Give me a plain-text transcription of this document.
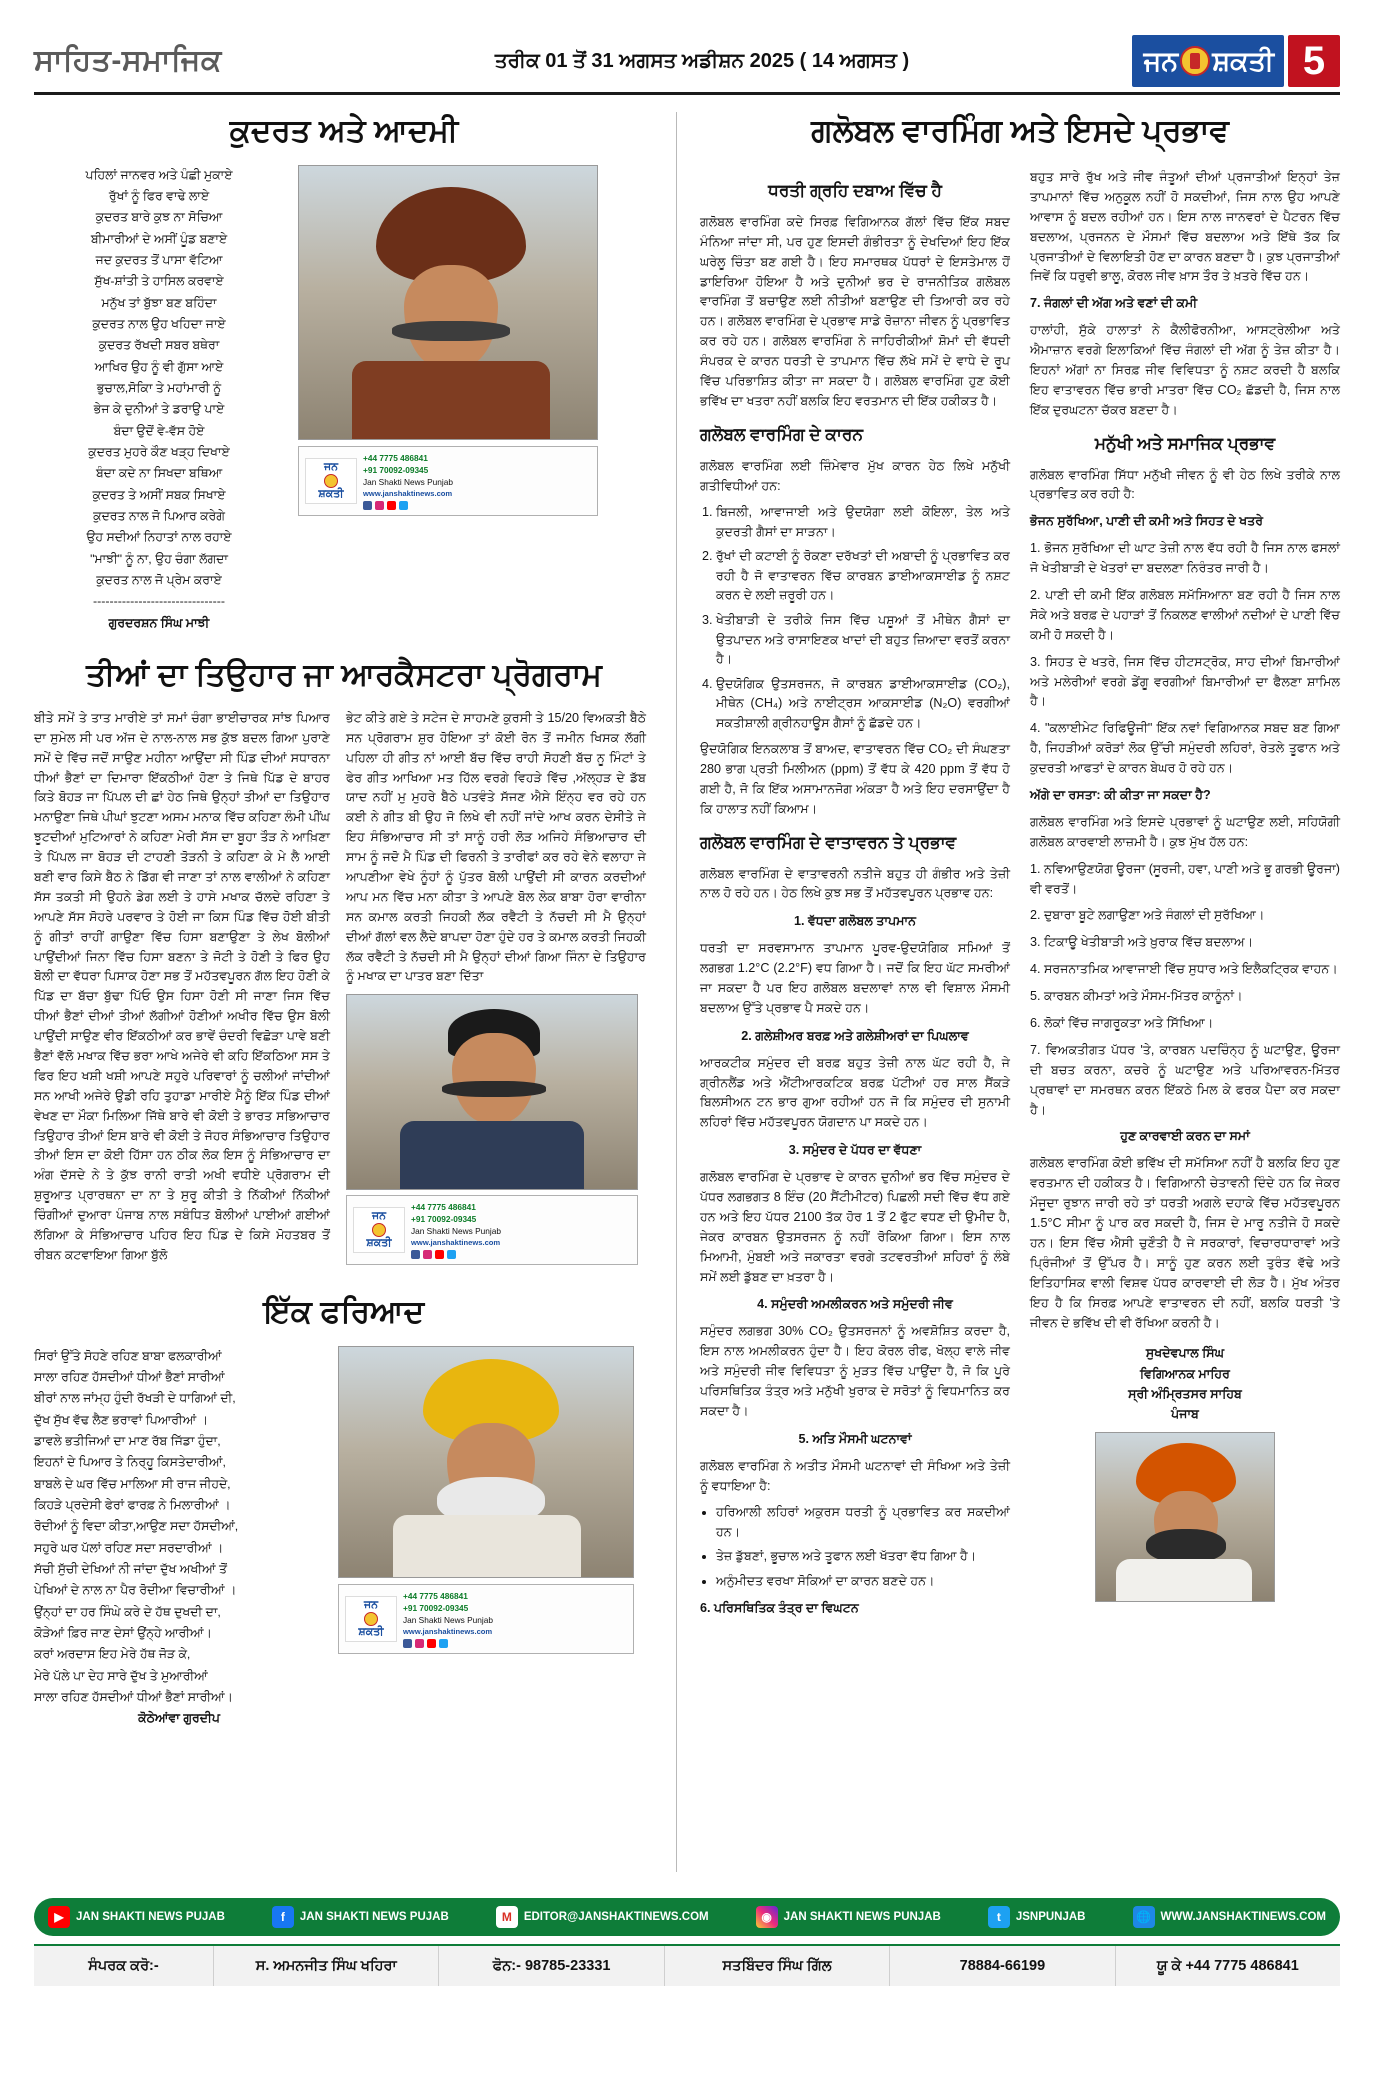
ਸਾਹਿਤ-ਸਮਾਜਿਕ	ਤਰੀਕ 01 ਤੋਂ 31 ਅਗਸਤ ਅਡੀਸ਼ਨ 2025 ( 14 ਅਗਸਤ )	ਜਨ ਸ਼ਕਤੀ 5
ਕੁਦਰਤ ਅਤੇ ਆਦਮੀ

ਪਹਿਲਾਂ ਜਾਨਵਰ ਅਤੇ ਪੰਛੀ ਮੁਕਾਏ

ਰੁੱਖਾਂ ਨੂੰ ਫਿਰ ਵਾਢੇ ਲਾਏ

ਕੁਦਰਤ ਬਾਰੇ ਕੁਝ ਨਾ ਸੋਚਿਆ

ਬੀਮਾਰੀਆਂ ਦੇ ਅਸੀਂ ਪੂੰਡ ਬਣਾਏ

ਜਦ ਕੁਦਰਤ ਤੋਂ ਪਾਸਾ ਵੱਟਿਆ

ਸੁੱਖ-ਸ਼ਾਂਤੀ ਤੇ ਹਾਸਿਲ ਕਰਵਾਏ

ਮਨੁੱਖ ਤਾਂ ਬੁੱਝਾ ਬਣ ਬਹਿੰਦਾ

ਕੁਦਰਤ ਨਾਲ ਉਹ ਖਹਿਦਾ ਜਾਏ

ਕੁਦਰਤ ਰੱਖਦੀ ਸਬਰ ਬਥੇਰਾ

ਆਖਿਰ ਉਹ ਨੂੰ ਵੀ ਗੁੱਸਾ ਆਏ

ਭੁਚਾਲ,ਸੋਕਿਾ ਤੇ ਮਹਾਂਮਾਰੀ ਨੂੰ

ਭੇਜ ਕੇ ਦੁਨੀਆਂ ਤੇ ਡਰਾਉ ਪਾਏ

ਬੰਦਾ ਉਦੋਂ ਵੇ-ਵੱਸ ਹੋਏ

ਕੁਦਰਤ ਮੁਹਰੇ ਕੌਣ ਖੜ੍ਹ ਦਿਖਾਏ

ਬੰਦਾ ਕਦੇ ਨਾ ਸਿਖਦਾ ਬਥਿਆ

ਕੁਦਰਤ ਤੇ ਅਸੀਂ ਸਬਕ ਸਿਖਾਏ

ਕੁਦਰਤ ਨਾਲ ਜੋ ਪਿਆਰ ਕਰੇਗੇ

ਉਹ ਸਦੀਆਂ ਨਿਹਾਤਾਂ ਨਾਲ ਰਹਾਏ

"ਮਾਝੀ" ਨੂੰ ਨਾ, ਉਹ ਚੰਗਾ ਲੱਗਦਾ

ਕੁਦਰਤ ਨਾਲ ਜੋ ਪ੍ਰੇਮ ਕਰਾਏ

--------------------------------

ਗੁਰਦਰਸ਼ਨ ਸਿੰਘ ਮਾਝੀ

ਜਨ
ਸ਼ਕਤੀ
+44 7775 486841
+91 70092-09345
Jan Shakti News Punjab
www.janshaktinews.com
ਤੀਆਂ ਦਾ ਤਿਉਹਾਰ ਜਾ ਆਰਕੈਸਟਰਾ ਪ੍ਰੋਗਰਾਮ

ਬੀਤੇ ਸਮੇਂ ਤੇ ਤਾਤ ਮਾਰੀਏ ਤਾਂ ਸਮਾਂ ਚੰਗਾ ਭਾਈਚਾਰਕ ਸਾਂਝ ਪਿਆਰ ਦਾ ਸੁਮੇਲ ਸੀ ਪਰ ਅੱਜ ਦੇ ਨਾਲ-ਨਾਲ ਸਭ ਕੁੱਝ ਬਦਲ ਗਿਆ ਪੁਰਾਣੇ ਸਮੇਂ ਦੇ ਵਿੱਚ ਜਦੋਂ ਸਾਉਣ ਮਹੀਨਾ ਆਉਂਦਾ ਸੀ ਪਿੰਡ ਦੀਆਂ ਸਧਾਰਨਾ ਧੀਆਂ ਭੈਣਾਂ ਦਾ ਦਿਮਾਰਾ ਇੱਕਠੀਆਂ ਹੋਣਾ ਤੇ ਜਿਥੇ ਪਿੱਡ ਦੇ ਬਾਹਰ ਕਿਤੇ ਬੋਹੜ ਜਾ ਪਿੱਪਲ ਦੀ ਛਾਂ ਹੇਠ ਜਿਥੇ ਉਨ੍ਹਾਂ ਤੀਆਂ ਦਾ ਤਿਉਹਾਰ ਮਨਾਉਣਾ ਜਿਥੇ ਪੀਘਾਂ ਝੁਟਣਾ ਅਸਮ ਮਨਾਕ ਵਿੱਚ ਕਹਿਣਾ ਲੰਮੀ ਪੀਂਘ ਝੂਟਦੀਆਂ ਮੁਟਿਆਰਾਂ ਨੇ ਕਹਿਣਾ ਮੇਰੀ ਸੱਸ ਦਾ ਬੂਹਾ ਤੌੜ ਨੇ ਆਖ਼ਿਣਾ ਤੇ ਪਿੱਪਲ ਜਾ ਬੋਹੜ ਦੀ ਟਾਹਣੀ ਤੋੜਨੀ ਤੇ ਕਹਿਣਾ ਕੇ ਮੇ ਲੈ ਆਈ ਬਣੀ ਵਾਰ ਕਿਸੇ ਬੈਠ ਨੇ ਡਿੱਗ ਵੀ ਜਾਣਾ ਤਾਂ ਨਾਲ ਵਾਲੀਆਂ ਨੇ ਕਹਿਣਾ ਸੱਸ ਤਕਤੀ ਸੀ ਉਹਨੇ ਡੇਗ ਲਈ ਤੇ ਹਾਸੇ ਮਖਾਕ ਚੱਲਦੇ ਰਹਿਣਾ ਤੇ ਆਪਣੇ ਸੱਸ ਸੋਹਰੇ ਪਰਵਾਰ ਤੇ ਹੋਈ ਜਾ ਕਿਸ ਪਿੰਡ ਵਿੱਚ ਹੋਈ ਬੀਤੀ ਨੂੰ ਗੀਤਾਂ ਰਾਹੀਂ ਗਾਉਣਾ ਵਿੱਚ ਹਿਸਾ ਬਣਾਉਣਾ ਤੇ ਲੇਖ ਬੋਲੀਆਂ ਪਾਉਂਦੀਆਂ ਜਿਨਾ ਵਿੱਚ ਹਿਸਾ ਬਣਨਾ ਤੇ ਜੋਟੀ ਤੇ ਹੋਣੀ ਤੇ ਫਿਰ ਉਹ ਬੋਲੀ ਦਾ ਵੱਧਰਾ ਪਿਸਾਕ ਹੋਣਾ ਸਭ ਤੋਂ ਮਹੱਤਵਪੂਰਨ ਗੱਲ ਇਹ ਹੋਣੀ ਕੇ ਪਿੱਡ ਦਾ ਬੱਚਾ ਬੁੱਢਾ ਪਿੱਓ ਉਸ ਹਿਸਾ ਹੋਣੀ ਸੀ ਜਾਣਾ ਜਿਸ ਵਿੱਚ ਧੀਆਂ ਭੈਣਾਂ ਦੀਆਂ ਤੀਆਂ ਲੱਗੀਆਂ ਹੋਣੀਆਂ ਅਖੀਰ ਵਿੱਚ ਉਸ ਬੋਲੀ ਪਾਉਂਦੀ ਸਾਉਣ ਵੀਰ ਇੱਕਠੀਆਂ ਕਰ ਭਾਵੇਂ ਚੰਦਰੀ ਵਿਛੋੜਾ ਪਾਵੇ ਬਣੀ ਭੈਣਾਂ ਵੱਲੋ ਮਖਾਕ ਵਿੱਚ ਭਰਾ ਆਖੇ ਅਜੇਰੇ ਵੀ ਕਹਿ ਇੱਕਠਿਆ ਸਸ ਤੇ ਫਿਰ ਇਹ ਖਸ਼ੀ ਖਸ਼ੀ ਆਪਣੇ ਸਹੁਰੇ ਪਰਿਵਾਰਾਂ ਨੂੰ ਚਲੀਆਂ ਜਾਂਦੀਆਂ ਸਨ ਆਖੀ ਅਜੇਰੇ ਉਡੀ ਰਹਿ ਤੁਹਾਡਾ ਮਾਰੀਏ ਮੈਨੂੰ ਇੱਕ ਪਿੰਡ ਦੀਆਂ ਵੇਖਣ ਦਾ ਮੌਕਾ ਮਿਲਿਆ ਜਿੱਥੇ ਬਾਰੇ ਵੀ ਕੋਈ ਤੇ ਭਾਰਤ ਸਭਿਆਚਾਰ ਤਿਉਹਾਰ ਤੀਆਂ ਇਸ ਬਾਰੇ ਵੀ ਕੋਈ ਤੇ ਜੋਹਰ ਸੰਭਿਆਚਾਰ ਤਿਉਹਾਰ ਤੀਆਂ ਇਸ ਦਾ ਕੋਈ ਹਿੱਸਾ ਹਨ ਠੀਕ ਲੋਕ ਇਸ ਨੂੰ ਸੰਭਿਆਚਾਰ ਦਾ ਅੰਗ ਦੱਸਦੇ ਨੇ ਤੇ ਕੁੱਝ ਰਾਨੀ ਰਾਤੀ ਅਖੀ ਵਧੀਏ ਪ੍ਰੋਗਰਾਮ ਦੀ ਸ਼ੁਰੂਆਤ ਪ੍ਰਾਰਥਨਾ ਦਾ ਨਾ ਤੇ ਸੁਰੂ ਕੀਤੀ ਤੇ ਨਿੱਕੀਆਂ ਨਿੱਕੀਆਂ ਚਿੰਗੀਆਂ ਦੁਆਰਾ ਪੰਜਾਬ ਨਾਲ ਸਬੰਧਿਤ ਬੋਲੀਆਂ ਪਾਈਆਂ ਗਈਆਂ ਲੱਗਿਆ ਕੇ ਸੰਭਿਆਚਾਰ ਪਹਿਰ ਇਹ ਪਿੰਡ ਦੇ ਕਿਸੇ ਮੋਹਤਬਰ ਤੋਂ ਰੀਬਨ ਕਟਵਾਇਆ ਗਿਆ ਬੁੱਲੋ

ਭੇਟ ਕੀਤੇ ਗਏ ਤੇ ਸਟੇਜ ਦੇ ਸਾਹਮਣੇ ਕੁਰਸੀ ਤੇ 15/20 ਵਿਅਕਤੀ ਬੈਠੇ ਸਨ ਪ੍ਰੋਗਰਾਮ ਸ਼ੁਰ ਹੋਇਆ ਤਾਂ ਕੋਈ ਰੋਨ ਤੋਂ ਜਮੀਨ ਖਿਸਕ ਲੱਗੀ ਪਹਿਲਾ ਹੀ ਗੀਤ ਨਾਂ ਆਈ ਬੱਚ ਵਿੱਚ ਰਾਹੀ ਸੋਹਣੀ ਬੱਚ ਨੂ ਮਿੰਟਾਂ ਤੇ ਫੇਰ ਗੀਤ ਆਖਿਆ ਮਤ ਹਿੱਲ ਵਰਗੇ ਵਿਹੜੇ ਵਿੱਚ ,ਅੱਲ੍ਹੜ ਦੇ ਡੱਬ ਯਾਦ ਨਹੀਂ ਮੁ ਮੁਹਰੇ ਬੈਠੇ ਪਤਵੰਤੇ ਸੱਜਣ ਐਸੇ ਇੰਨ੍ਹ ਵਰ ਰਹੇ ਹਨ ਕਈ ਨੇ ਗੀਤ ਬੀ ਉਹ ਜੋ ਲਿਖੇ ਵੀ ਨਹੀਂ ਜਾਂਦੇ ਆਖ ਕਰਨ ਦੇਸੀਤੇ ਜੇ ਇਹ ਸੰਭਿਆਚਾਰ ਸੀ ਤਾਂ ਸਾਨੂੰ ਹਰੀ ਲੋੜ ਅਜਿਹੇ ਸੰਭਿਆਚਾਰ ਦੀ ਸਾਮ ਨੂੰ ਜਦੋ ਮੈ ਪਿੰਡ ਦੀ ਫਿਰਨੀ ਤੇ ਤਾਰੀਫਾਂ ਕਰ ਰਹੇ ਵੇਨੇ ਵਲਾਹਾ ਜੇ ਆਪਣੀਆ ਵੇਖੇ ਨੂੰਹਾਂ ਨੂੰ ਪੁੱਤਰ ਬੋਲੀ ਪਾਉਂਦੀ ਸੀ ਕਾਰਨ ਕਰਦੀਆਂ ਆਪ ਮਨ ਵਿੱਚ ਮਨਾ ਕੀਤਾ ਤੇ ਆਪਣੇ ਬੋਲ ਲੇਕ ਬਾਬਾ ਹੋਰਾ ਵਾਰੀਨਾ ਸਨ ਕਮਾਲ ਕਰਤੀ ਜਿਹਕੀ ਲੱਕ ਰਵੈਟੀ ਤੇ ਨੱਚਦੀ ਸੀ ਮੈ ਉਨ੍ਹਾਂ ਦੀਆਂ ਗੱਲਾਂ ਵਲ ਲੈਦੇ ਬਾਪਦਾ ਹੋਣਾ ਹੁੰਦੇ ਹਰ ਤੇ ਕਮਾਲ ਕਰਤੀ ਜਿਹਕੀ ਲੱਕ ਰਵੈਟੀ ਤੇ ਨੱਚਦੀ ਸੀ ਮੈ ਉਨ੍ਹਾਂ ਦੀਆਂ ਗਿਆ ਜਿੰਨਾ ਦੇ ਤਿਉਹਾਰ ਨੂੰ ਮਖਾਕ ਦਾ ਪਾਤਰ ਬਣਾ ਦਿੱਤਾ

ਜਨ
ਸ਼ਕਤੀ
+44 7775 486841
+91 70092-09345
Jan Shakti News Punjab
www.janshaktinews.com
ਇੱਕ ਫਰਿਆਦ

ਸਿਰਾਂ ਉੱਤੇ ਸੋਹਣੇ ਰਹਿਣ ਬਾਬਾ ਫਲਕਾਰੀਆਂ

ਸਾਲਾ ਰਹਿਣ ਹੱਸਦੀਆਂ ਧੀਆਂ ਭੈਣਾਂ ਸਾਰੀਆਂ

ਬੀਰਾਂ ਨਾਲ ਜਾਂਮ੍ਹ ਹੁੰਦੀ ਰੱਖੜੀ ਦੇ ਧਾਗਿਆਂ ਦੀ,

ਦੁੱਖ ਸੁੱਖ ਵੱਢ ਲੈਣ ਭਰਾਵਾਂ ਪਿਆਰੀਆਂ ।

ਡਾਵਲੇ ਭਤੀਜਿਆਂ ਦਾ ਮਾਣ ਰੱਬ ਜਿੱਡਾ ਹੁੰਦਾ,

ਇਹਨਾਂ ਦੇ ਪਿਆਰ ਤੇ ਨਿਰ੍ਹੂ ਕਿਸਤੇਦਾਰੀਆਂ,

ਬਾਬਲੇ ਦੇ ਘਰ ਵਿੱਚ ਮਾਲਿਆ ਸੀ ਰਾਜ ਜੀਹਦੇ,

ਕਿਹੜੇ ਪ੍ਰਦੇਸੀ ਫੇਰਾਂ ਫਾਰਫ਼ ਨੇ ਮਿਲਾਰੀਆਂ ।

ਰੋਦੀਆਂ ਨੂੰ ਵਿਦਾ ਕੀਤਾ,ਆਉਣ ਸਦਾ ਹੱਸਦੀਆਂ,

ਸਹੁਰੇ ਘਰ ਪੱਲਾਂ ਰਹਿਣ ਸਦਾ ਸਰਦਾਰੀਆਂ ।

ਸੱਚੀ ਸੁੱਚੀ ਦੇਖਿਆਂ ਨੀ ਜਾਂਦਾ ਦੁੱਖ ਅਖੀਆਂ ਤੋਂ

ਪੇਖਿਆਂ ਦੇ ਨਾਲ ਨਾ ਪੈਰ ਰੋਦੀਆ ਵਿਚਾਰੀਆਂ ।

ਉਂਨ੍ਹਾਂ ਦਾ ਹਰ ਸਿੰਘੇ ਕਰੇ ਦੇ ਹੱਥ ਦੁਖਦੀ ਦਾ,

ਕੋੜੇਆਂ ਫ਼ਿਰ ਜਾਣ ਦੇਸਾਂ ਉਂਨ੍ਹੇ ਆਰੀਆਂ।

ਕਰਾਂ ਅਰਦਾਸ ਇਹ ਮੇਰੇ ਹੱਥ ਜੋੜ ਕੇ,

ਮੇਰੇ ਪੱਲੇ ਪਾ ਦੇਹ ਸਾਰੇ ਦੁੱਖ ਤੇ ਮੁਆਰੀਆਂ

ਸਾਲਾ ਰਹਿਣ ਹੱਸਦੀਆਂ ਧੀਆਂ ਭੈਣਾਂ ਸਾਰੀਆਂ।

ਕੋਠੇਆਂਵਾ ਗੁਰਦੀਪ

ਜਨ
ਸ਼ਕਤੀ
+44 7775 486841
+91 70092-09345
Jan Shakti News Punjab
www.janshaktinews.com
ਗਲੋਬਲ ਵਾਰਮਿੰਗ ਅਤੇ ਇਸਦੇ ਪ੍ਰਭਾਵ
ਧਰਤੀ ਗ੍ਰਹਿ ਦਬਾਅ ਵਿੱਚ ਹੈ

ਗਲੋਬਲ ਵਾਰਮਿੰਗ ਕਦੇ ਸਿਰਫ਼ ਵਿਗਿਆਨਕ ਗੱਲਾਂ ਵਿੱਚ ਇੱਕ ਸਬਦ ਮੰਨਿਆ ਜਾਂਦਾ ਸੀ, ਪਰ ਹੁਣ ਇਸਦੀ ਗੰਭੀਰਤਾ ਨੂੰ ਦੇਖਦਿਆਂ ਇਹ ਇੱਕ ਘਰੇਲੂ ਚਿੰਤਾ ਬਣ ਗਈ ਹੈ। ਇਹ ਸਮਾਰਥਕ ਪੱਧਰਾਂ ਦੇ ਇਸਤੇਮਾਲ ਹੋਂ ਡਾਇਰਿਆ ਹੋਇਆ ਹੈ ਅਤੇ ਦੁਨੀਆਂ ਭਰ ਦੇ ਰਾਜਨੀਤਿਕ ਗਲੋਬਲ ਵਾਰਮਿੰਗ ਤੋਂ ਬਚਾਉਣ ਲਈ ਨੀਤੀਆਂ ਬਣਾਉਣ ਦੀ ਤਿਆਰੀ ਕਰ ਰਹੇ ਹਨ। ਗਲੋਬਲ ਵਾਰਮਿੰਗ ਦੇ ਪ੍ਰਭਾਵ ਸਾਡੇ ਰੋਜ਼ਾਨਾ ਜੀਵਨ ਨੂੰ ਪ੍ਰਭਾਵਿਤ ਕਰ ਰਹੇ ਹਨ। ਗਲੋਬਲ ਵਾਰਮਿੰਗ ਨੇ ਜਾਹਿਰੀਕੀਆਂ ਸ਼ੋਮਾਂ ਦੀ ਵੱਧਦੀ ਸੰਪਰਕ ਦੇ ਕਾਰਨ ਧਰਤੀ ਦੇ ਤਾਪਮਾਨ ਵਿੱਚ ਲੱਖੇ ਸਮੇਂ ਦੇ ਵਾਧੇ ਦੇ ਰੂਪ ਵਿੱਚ ਪਰਿਭਾਸ਼ਿਤ ਕੀਤਾ ਜਾ ਸਕਦਾ ਹੈ। ਗਲੋਬਲ ਵਾਰਮਿੰਗ ਹੁਣ ਕੋਈ ਭਵਿੱਖ ਦਾ ਖਤਰਾ ਨਹੀਂ ਬਲਕਿ ਇਹ ਵਰਤਮਾਨ ਦੀ ਇੱਕ ਹਕੀਕਤ ਹੈ।

ਗਲੋਬਲ ਵਾਰਮਿੰਗ ਦੇ ਕਾਰਨ

ਗਲੋਬਲ ਵਾਰਮਿੰਗ ਲਈ ਜ਼ਿੰਮੇਵਾਰ ਮੁੱਖ ਕਾਰਨ ਹੇਠ ਲਿਖੇ ਮਨੁੱਖੀ ਗਤੀਵਿਧੀਆਂ ਹਨ:

1. ਬਿਜਲੀ, ਆਵਾਜਾਈ ਅਤੇ ਉਦਯੋਗਾ ਲਈ ਕੋਇਲਾ, ਤੇਲ ਅਤੇ ਕੁਦਰਤੀ ਗੈਸਾਂ ਦਾ ਸਾੜਨਾ।
2. ਰੁੱਖਾਂ ਦੀ ਕਟਾਈ ਨੂੰ ਰੋਕਣਾ ਦਰੱਖਤਾਂ ਦੀ ਅਬਾਦੀ ਨੂੰ ਪ੍ਰਭਾਵਿਤ ਕਰ ਰਹੀ ਹੈ ਜੋ ਵਾਤਾਵਰਨ ਵਿੱਚ ਕਾਰਬਨ ਡਾਈਆਕਸਾਈਡ ਨੂੰ ਨਸ਼ਟ ਕਰਨ ਦੇ ਲਈ ਜ਼ਰੂਰੀ ਹਨ।
3. ਖੇਤੀਬਾੜੀ ਦੇ ਤਰੀਕੇ ਜਿਸ ਵਿੱਚ ਪਸ਼ੂਆਂ ਤੋਂ ਮੀਥੇਨ ਗੈਸਾਂ ਦਾ ਉਤਪਾਦਨ ਅਤੇ ਰਾਸਾਇਣਕ ਖਾਦਾਂ ਦੀ ਬਹੁਤ ਜ਼ਿਆਦਾ ਵਰਤੋਂ ਕਰਨਾ ਹੈ।
4. ਉਦਯੋਗਿਕ ਉਤਸਰਜਨ, ਜੋ ਕਾਰਬਨ ਡਾਈਆਕਸਾਈਡ (CO₂), ਮੀਥੇਨ (CH₄) ਅਤੇ ਨਾਈਟ੍ਰਸ ਆਕਸਾਈਡ (N₂O) ਵਰਗੀਆਂ ਸਕਤੀਸ਼ਾਲੀ ਗ੍ਰੀਨਹਾਊਸ ਗੈਸਾਂ ਨੂੰ ਛੱਡਦੇ ਹਨ।

ਉਦਯੋਗਿਕ ਇਨਕਲਾਬ ਤੋਂ ਬਾਅਦ, ਵਾਤਾਵਰਨ ਵਿੱਚ CO₂ ਦੀ ਸੰਘਣਤਾ 280 ਭਾਗ ਪ੍ਰਤੀ ਮਿਲੀਅਨ (ppm) ਤੋਂ ਵੱਧ ਕੇ 420 ppm ਤੋਂ ਵੱਧ ਹੋ ਗਈ ਹੈ, ਜੋ ਕਿ ਇੱਕ ਅਸਾਮਾਨਜੋਗ ਅੰਕੜਾ ਹੈ ਅਤੇ ਇਹ ਦਰਸਾਉਂਦਾ ਹੈ ਕਿ ਹਾਲਾਤ ਨਹੀਂ ਕਿਆਮ।

ਗਲੋਬਲ ਵਾਰਮਿੰਗ ਦੇ ਵਾਤਾਵਰਨ ਤੇ ਪ੍ਰਭਾਵ

ਗਲੋਬਲ ਵਾਰਮਿੰਗ ਦੇ ਵਾਤਾਵਰਨੀ ਨਤੀਜੇ ਬਹੁਤ ਹੀ ਗੰਭੀਰ ਅਤੇ ਤੇਜ਼ੀ ਨਾਲ ਹੋ ਰਹੇ ਹਨ। ਹੇਠ ਲਿਖੇ ਕੁਝ ਸਭ ਤੋਂ ਮਹੱਤਵਪੂਰਨ ਪ੍ਰਭਾਵ ਹਨ:

1. ਵੱਧਦਾ ਗਲੋਬਲ ਤਾਪਮਾਨ

ਧਰਤੀ ਦਾ ਸਰਵਸਾਮਾਨ ਤਾਪਮਾਨ ਪੂਰਵ-ਉਦਯੋਗਿਕ ਸਮਿਆਂ ਤੋਂ ਲਗਭਗ 1.2°C (2.2°F) ਵਧ ਗਿਆ ਹੈ। ਜਦੋਂ ਕਿ ਇਹ ਘੱਟ ਸਮਰੀਆਂ ਜਾ ਸਕਦਾ ਹੈ ਪਰ ਇਹ ਗਲੋਬਲ ਬਦਲਾਵਾਂ ਨਾਲ ਵੀ ਵਿਸ਼ਾਲ ਮੌਸਮੀ ਬਦਲਾਅ ਉੱਤੇ ਪ੍ਰਭਾਵ ਪੈ ਸਕਦੇ ਹਨ।

2. ਗਲੇਸ਼ੀਅਰ ਬਰਫ਼ ਅਤੇ ਗਲੇਸ਼ੀਅਰਾਂ ਦਾ ਪਿਘਲਾਵ

ਆਰਕਟੀਕ ਸਮੁੰਦਰ ਦੀ ਬਰਫ਼ ਬਹੁਤ ਤੇਜ਼ੀ ਨਾਲ ਘੱਟ ਰਹੀ ਹੈ, ਜੇ ਗ੍ਰੀਨਲੈਂਡ ਅਤੇ ਐਂਟੀਆਰਕਟਿਕ ਬਰਫ਼ ਪੱਟੀਆਂ ਹਰ ਸਾਲ ਸੈਂਕੜੇ ਬਿਲਸੀਅਨ ਟਨ ਭਾਰ ਗੁਆ ਰਹੀਆਂ ਹਨ ਜੋ ਕਿ ਸਮੁੰਦਰ ਦੀ ਸੁਨਾਮੀ ਲਹਿਰਾਂ ਵਿੱਚ ਮਹੱਤਵਪੂਰਨ ਯੋਗਦਾਨ ਪਾ ਸਕਦੇ ਹਨ।

3. ਸਮੁੰਦਰ ਦੇ ਪੱਧਰ ਦਾ ਵੱਧਣਾ

ਗਲੋਬਲ ਵਾਰਮਿੰਗ ਦੇ ਪ੍ਰਭਾਵ ਦੇ ਕਾਰਨ ਦੁਨੀਆਂ ਭਰ ਵਿੱਚ ਸਮੁੰਦਰ ਦੇ ਪੱਧਰ ਲਗਭਗਤ 8 ਇੰਚ (20 ਸੈਂਟੀਮੀਟਰ) ਪਿਛਲੀ ਸਦੀ ਵਿੱਚ ਵੱਧ ਗਏ ਹਨ ਅਤੇ ਇਹ ਪੱਧਰ 2100 ਤੱਕ ਹੋਰ 1 ਤੋਂ 2 ਫੁੱਟ ਵਧਣ ਦੀ ਉਮੀਦ ਹੈ, ਜੇਕਰ ਕਾਰਬਨ ਉਤਸਰਜਨ ਨੂੰ ਨਹੀਂ ਰੋਕਿਆ ਗਿਆ। ਇਸ ਨਾਲ ਮਿਆਮੀ, ਮੁੰਬਈ ਅਤੇ ਜਕਾਰਤਾ ਵਰਗੇ ਤਟਵਰਤੀਆਂ ਸ਼ਹਿਰਾਂ ਨੂੰ ਲੰਬੇ ਸਮੇਂ ਲਈ ਡੁੱਬਣ ਦਾ ਖ਼ਤਰਾ ਹੈ।

4. ਸਮੁੰਦਰੀ ਅਮਲੀਕਰਨ ਅਤੇ ਸਮੁੰਦਰੀ ਜੀਵ

ਸਮੁੰਦਰ ਲਗਭਗ 30% CO₂ ਉਤਸਰਜਨਾਂ ਨੂੰ ਅਵਸ਼ੋਸ਼ਿਤ ਕਰਦਾ ਹੈ, ਇਸ ਨਾਲ ਅਮਲੀਕਰਨ ਹੁੰਦਾ ਹੈ। ਇਹ ਕੋਰਲ ਰੀਫ, ਖੋਲ੍ਹ ਵਾਲੇ ਜੀਵ ਅਤੇ ਸਮੁੰਦਰੀ ਜੀਵ ਵਿਵਿਧਤਾ ਨੂੰ ਮੁੜਤ ਵਿੱਚ ਪਾਉਂਦਾ ਹੈ, ਜੋ ਕਿ ਪੂਰੇ ਪਰਿਸਥਿਤਿਕ ਤੰਤ੍ਰ ਅਤੇ ਮਨੁੱਖੀ ਖੁਰਾਕ ਦੇ ਸਰੋਤਾਂ ਨੂੰ ਵਿਧਮਾਨਿਤ ਕਰ ਸਕਦਾ ਹੈ।

5. ਅਤਿ ਮੌਸਮੀ ਘਟਨਾਵਾਂ

ਗਲੋਬਲ ਵਾਰਮਿੰਗ ਨੇ ਅਤੀਤ ਮੌਸਮੀ ਘਟਨਾਵਾਂ ਦੀ ਸੰਖਿਆ ਅਤੇ ਤੇਜ਼ੀ ਨੂੰ ਵਧਾਇਆ ਹੈ:

• ਹਰਿਆਲੀ ਲਹਿਰਾਂ ਅਕੁਰਸ ਧਰਤੀ ਨੂੰ ਪ੍ਰਭਾਵਿਤ ਕਰ ਸਕਦੀਆਂ ਹਨ।
• ਤੇਜ਼ ਡੁੱਬਣਾਂ, ਭੂਚਾਲ ਅਤੇ ਤੂਫਾਨ ਲਈ ਖੱਤਰਾ ਵੱਧ ਗਿਆ ਹੈ।
• ਅਨੁੰਮੀਦਤ ਵਰਖਾ ਸੋਕਿਆਂ ਦਾ ਕਾਰਨ ਬਣਦੇ ਹਨ।

6. ਪਰਿਸਥਿਤਿਕ ਤੰਤ੍ਰ ਦਾ ਵਿਘਟਨ

ਬਹੁਤ ਸਾਰੇ ਰੁੱਖ ਅਤੇ ਜੀਵ ਜੰਤੂਆਂ ਦੀਆਂ ਪ੍ਰਜਾਤੀਆਂ ਇਨ੍ਹਾਂ ਤੇਜ਼ ਤਾਪਮਾਨਾਂ ਵਿੱਚ ਅਨੁਕੂਲ ਨਹੀਂ ਹੋ ਸਕਦੀਆਂ, ਜਿਸ ਨਾਲ ਉਹ ਆਪਣੇ ਆਵਾਸ ਨੂੰ ਬਦਲ ਰਹੀਆਂ ਹਨ। ਇਸ ਨਾਲ ਜਾਨਵਰਾਂ ਦੇ ਪੈਟਰਨ ਵਿੱਚ ਬਦਲਾਅ, ਪ੍ਰਜਨਨ ਦੇ ਮੌਸਮਾਂ ਵਿੱਚ ਬਦਲਾਅ ਅਤੇ ਇੱਥੇ ਤੱਕ ਕਿ ਪ੍ਰਜਾਤੀਆਂ ਦੇ ਵਿਲਾਇਤੀ ਹੋਣ ਦਾ ਕਾਰਨ ਬਣਦਾ ਹੈ। ਕੁਝ ਪ੍ਰਜਾਤੀਆਂ ਜਿਵੇਂ ਕਿ ਧਰੁਵੀ ਭਾਲੂ, ਕੋਰਲ ਜੀਵ ਖ਼ਾਸ ਤੌਰ ਤੇ ਖ਼ਤਰੇ ਵਿੱਚ ਹਨ।

7. ਜੰਗਲਾਂ ਦੀ ਅੱਗ ਅਤੇ ਵਣਾਂ ਦੀ ਕਮੀ

ਹਾਲਾਂਹੀ, ਸੁੱਕੇ ਹਾਲਾਤਾਂ ਨੇ ਕੈਲੀਫੋਰਨੀਆ, ਆਸਟ੍ਰੇਲੀਆ ਅਤੇ ਐਮਾਜ਼ਾਨ ਵਰਗੇ ਇਲਾਕਿਆਂ ਵਿੱਚ ਜੰਗਲਾਂ ਦੀ ਅੱਗ ਨੂੰ ਤੇਜ਼ ਕੀਤਾ ਹੈ। ਇਹਨਾਂ ਅੱਗਾਂ ਨਾ ਸਿਰਫ਼ ਜੀਵ ਵਿਵਿਧਤਾ ਨੂੰ ਨਸ਼ਟ ਕਰਦੀ ਹੈ ਬਲਕਿ ਇਹ ਵਾਤਾਵਰਨ ਵਿੱਚ ਭਾਰੀ ਮਾਤਰਾ ਵਿੱਚ CO₂ ਛੱਡਦੀ ਹੈ, ਜਿਸ ਨਾਲ ਇੱਕ ਦੁਰਘਟਨਾ ਚੱਕਰ ਬਣਦਾ ਹੈ।

ਮਨੁੱਖੀ ਅਤੇ ਸਮਾਜਿਕ ਪ੍ਰਭਾਵ

ਗਲੋਬਲ ਵਾਰਮਿੰਗ ਸਿੱਧਾ ਮਨੁੱਖੀ ਜੀਵਨ ਨੂੰ ਵੀ ਹੇਠ ਲਿਖੇ ਤਰੀਕੇ ਨਾਲ ਪ੍ਰਭਾਵਿਤ ਕਰ ਰਹੀ ਹੈ:

ਭੋਜਨ ਸੁਰੱਖਿਆ, ਪਾਣੀ ਦੀ ਕਮੀ ਅਤੇ ਸਿਹਤ ਦੇ ਖਤਰੇ

1. ਭੋਜਨ ਸੁਰੱਖਿਆ ਦੀ ਘਾਟ ਤੇਜ਼ੀ ਨਾਲ ਵੱਧ ਰਹੀ ਹੈ ਜਿਸ ਨਾਲ ਫਸਲਾਂ ਜੋ ਖੇਤੀਬਾੜੀ ਦੇ ਖੇਤਰਾਂ ਦਾ ਬਦਲਣਾ ਨਿਰੰਤਰ ਜਾਰੀ ਹੈ।

2. ਪਾਣੀ ਦੀ ਕਮੀ ਇੱਕ ਗਲੋਬਲ ਸਮੱਸਿਆਨਾ ਬਣ ਰਹੀ ਹੈ ਜਿਸ ਨਾਲ ਸੋਕੇ ਅਤੇ ਬਰਫ਼ ਦੇ ਪਹਾੜਾਂ ਤੋਂ ਨਿਕਲਣ ਵਾਲੀਆਂ ਨਦੀਆਂ ਦੇ ਪਾਣੀ ਵਿੱਚ ਕਮੀ ਹੋ ਸਕਦੀ ਹੈ।

3. ਸਿਹਤ ਦੇ ਖਤਰੇ, ਜਿਸ ਵਿੱਚ ਹੀਟਸਟ੍ਰੋਕ, ਸਾਹ ਦੀਆਂ ਬਿਮਾਰੀਆਂ ਅਤੇ ਮਲੇਰੀਆਂ ਵਰਗੇ ਡੇਂਗੂ ਵਰਗੀਆਂ ਬਿਮਾਰੀਆਂ ਦਾ ਫੈਲਣਾ ਸ਼ਾਮਿਲ ਹੈ।

4. "ਕਲਾਈਮੇਟ ਰਿਫਿਊਜੀ" ਇੱਕ ਨਵਾਂ ਵਿਗਿਆਨਕ ਸਬਦ ਬਣ ਗਿਆ ਹੈ, ਜਿਹੜੀਆਂ ਕਰੋੜਾਂ ਲੋਕ ਉੱਚੀ ਸਮੁੰਦਰੀ ਲਹਿਰਾਂ, ਰੇਤਲੇ ਤੂਫਾਨ ਅਤੇ ਕੁਦਰਤੀ ਆਫਤਾਂ ਦੇ ਕਾਰਨ ਬੇਘਰ ਹੋ ਰਹੇ ਹਨ।

ਅੱਗੇ ਦਾ ਰਸਤਾ: ਕੀ ਕੀਤਾ ਜਾ ਸਕਦਾ ਹੈ?

ਗਲੋਬਲ ਵਾਰਮਿੰਗ ਅਤੇ ਇਸਦੇ ਪ੍ਰਭਾਵਾਂ ਨੂੰ ਘਟਾਉਣ ਲਈ, ਸਹਿਯੋਗੀ ਗਲੋਬਲ ਕਾਰਵਾਈ ਲਾਜ਼ਮੀ ਹੈ। ਕੁਝ ਮੁੱਖ ਹੱਲ ਹਨ:

1. ਨਵਿਆਉਣਯੋਗ ਊਰਜਾ (ਸੂਰਜੀ, ਹਵਾ, ਪਾਣੀ ਅਤੇ ਭੂ ਗਰਭੀ ਊਰਜਾ) ਵੀ ਵਰਤੋਂ।

2. ਦੁਬਾਰਾ ਬੂਟੇ ਲਗਾਉਣਾ ਅਤੇ ਜੰਗਲਾਂ ਦੀ ਸੁਰੱਖਿਆ।

3. ਟਿਕਾਊ ਖੇਤੀਬਾੜੀ ਅਤੇ ਖ਼ੁਰਾਕ ਵਿੱਚ ਬਦਲਾਅ।

4. ਸਰਜਨਾਤਮਿਕ ਆਵਾਜਾਈ ਵਿੱਚ ਸੁਧਾਰ ਅਤੇ ਇਲੈਕਟ੍ਰਿਕ ਵਾਹਨ।

5. ਕਾਰਬਨ ਕੀਮਤਾਂ ਅਤੇ ਮੌਸਮ-ਮਿੱਤਰ ਕਾਨੂੰਨਾਂ।

6. ਲੋਕਾਂ ਵਿੱਚ ਜਾਗਰੂਕਤਾ ਅਤੇ ਸਿੱਖਿਆ।

7. ਵਿਅਕਤੀਗਤ ਪੱਧਰ 'ਤੇ, ਕਾਰਬਨ ਪਦਚਿੰਨ੍ਹ ਨੂੰ ਘਟਾਉਣ, ਊਰਜਾ ਦੀ ਬਚਤ ਕਰਨਾ, ਕਚਰੇ ਨੂੰ ਘਟਾਉਣ ਅਤੇ ਪਰਿਆਵਰਨ-ਮਿੱਤਰ ਪ੍ਰਥਾਵਾਂ ਦਾ ਸਮਰਥਨ ਕਰਨ ਇੱਕਠੇ ਮਿਲ ਕੇ ਫਰਕ ਪੈਦਾ ਕਰ ਸਕਦਾ ਹੈ।

ਹੁਣ ਕਾਰਵਾਈ ਕਰਨ ਦਾ ਸਮਾਂ

ਗਲੋਬਲ ਵਾਰਮਿੰਗ ਕੋਈ ਭਵਿੱਖ ਦੀ ਸਮੱਸਿਆ ਨਹੀਂ ਹੈ ਬਲਕਿ ਇਹ ਹੁਣ ਵਰਤਮਾਨ ਦੀ ਹਕੀਕਤ ਹੈ। ਵਿਗਿਆਨੀ ਚੇਤਾਵਨੀ ਦਿੰਦੇ ਹਨ ਕਿ ਜੇਕਰ ਮੌਜੂਦਾ ਰੁਝਾਨ ਜਾਰੀ ਰਹੇ ਤਾਂ ਧਰਤੀ ਅਗਲੇ ਦਹਾਕੇ ਵਿੱਚ ਮਹੱਤਵਪੂਰਨ 1.5°C ਸੀਮਾ ਨੂੰ ਪਾਰ ਕਰ ਸਕਦੀ ਹੈ, ਜਿਸ ਦੇ ਮਾਰੂ ਨਤੀਜੇ ਹੋ ਸਕਦੇ ਹਨ। ਇਸ ਵਿੱਚ ਐਸੀ ਚੁਣੌਤੀ ਹੈ ਜੇ ਸਰਕਾਰਾਂ, ਵਿਚਾਰਧਾਰਾਵਾਂ ਅਤੇ ਪ੍ਰਿੰਜੀਆਂ ਤੋਂ ਉੱਪਰ ਹੈ। ਸਾਨੂੰ ਹੁਣ ਕਰਨ ਲਈ ਤੁਰੰਤ ਵੱਢੇ ਅਤੇ ਇਤਿਹਾਸਿਕ ਵਾਲੀ ਵਿਸ਼ਵ ਪੱਧਰ ਕਾਰਵਾਈ ਦੀ ਲੋੜ ਹੈ। ਮੁੱਖ ਅੰਤਰ ਇਹ ਹੈ ਕਿ ਸਿਰਫ਼ ਆਪਣੇ ਵਾਤਾਵਰਨ ਦੀ ਨਹੀਂ, ਬਲਕਿ ਧਰਤੀ 'ਤੇ ਜੀਵਨ ਦੇ ਭਵਿੱਖ ਦੀ ਵੀ ਰੱਖਿਆ ਕਰਨੀ ਹੈ।

ਸੁਖਦੇਵਪਾਲ ਸਿੰਘ
ਵਿਗਿਆਨਕ ਮਾਹਿਰ
ਸ੍ਰੀ ਅੰਮ੍ਰਿਤਸਰ ਸਾਹਿਬ
ਪੰਜਾਬ
▶	JAN SHAKTI NEWS PUJAB	f	JAN SHAKTI NEWS PUJAB	M	EDITOR@JANSHAKTINEWS.COM	◉	JAN SHAKTI NEWS PUNJAB	t	JSNPUNJAB	🌐 WWW.JANSHAKTINEWS.COM
ਸੰਪਰਕ ਕਰੋ:-	ਸ. ਅਮਨਜੀਤ ਸਿੰਘ ਖਹਿਰਾ	ਫੋਨ:- 98785-23331	ਸਤਬਿੰਦਰ ਸਿੰਘ ਗਿੱਲ	78884-66199	ਯੂ ਕੇ +44 7775 486841
